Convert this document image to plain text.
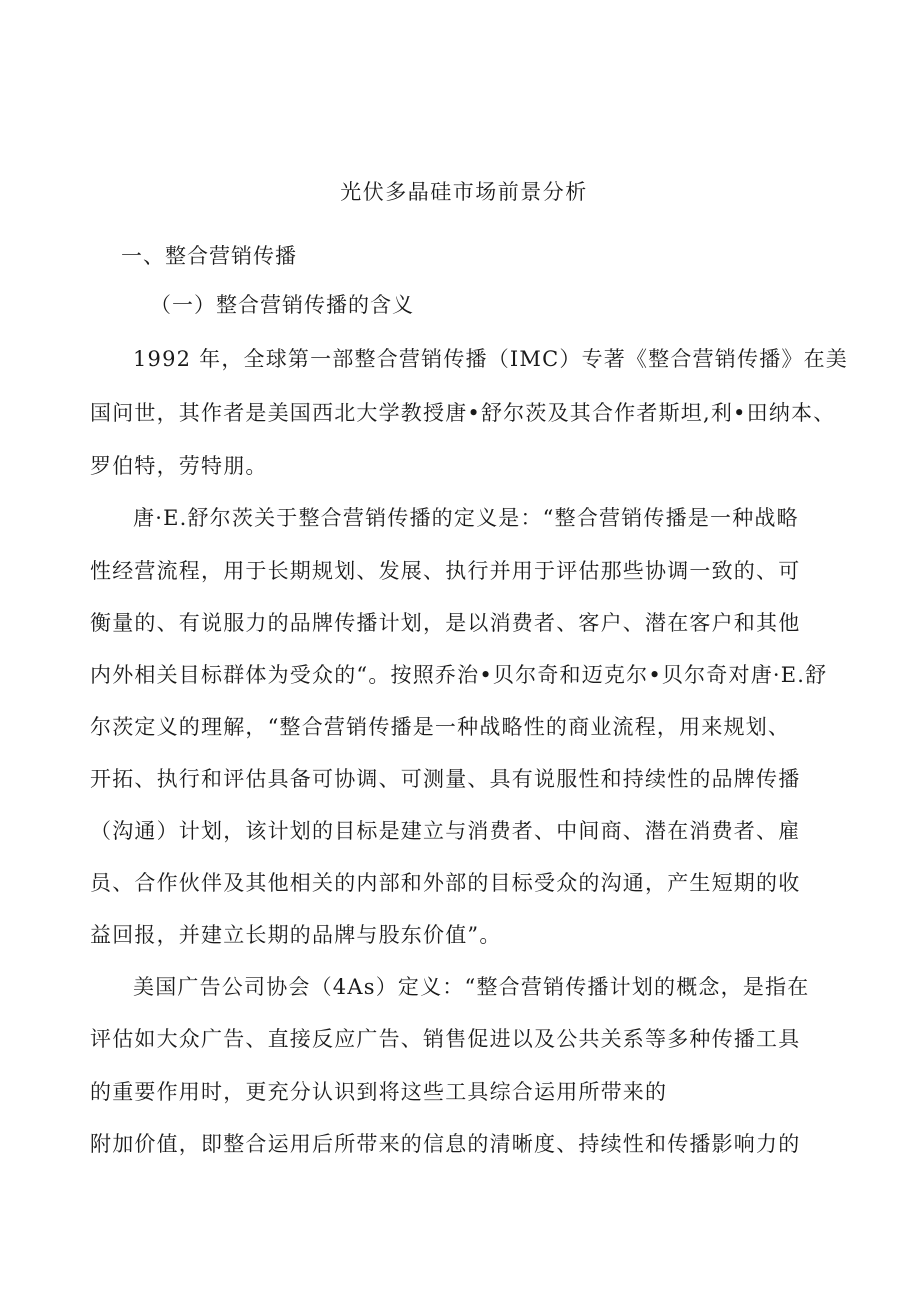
光伏多晶硅市场前景分析
一、整合营销传播
（一）整合营销传播的含义
1992 年，全球第一部整合营销传播（IMC）专著《整合营销传播》在美
国问世，其作者是美国西北大学教授唐•舒尔茨及其合作者斯坦,利•田纳本、
罗伯特，劳特朋。
唐·E.舒尔茨关于整合营销传播的定义是：“整合营销传播是一种战略
性经营流程，用于长期规划、发展、执行并用于评估那些协调一致的、可
衡量的、有说服力的品牌传播计划，是以消费者、客户、潜在客户和其他
内外相关目标群体为受众的“。按照乔治•贝尔奇和迈克尔•贝尔奇对唐·E.舒
尔茨定义的理解，“整合营销传播是一种战略性的商业流程，用来规划、
开拓、执行和评估具备可协调、可测量、具有说服性和持续性的品牌传播
（沟通）计划，该计划的目标是建立与消费者、中间商、潜在消费者、雇
员、合作伙伴及其他相关的内部和外部的目标受众的沟通，产生短期的收
益回报，并建立长期的品牌与股东价值”。
美国广告公司协会（4As）定义：“整合营销传播计划的概念，是指在
评估如大众广告、直接反应广告、销售促进以及公共关系等多种传播工具
的重要作用时，更充分认识到将这些工具综合运用所带来的
附加价值，即整合运用后所带来的信息的清晰度、持续性和传播影响力的
